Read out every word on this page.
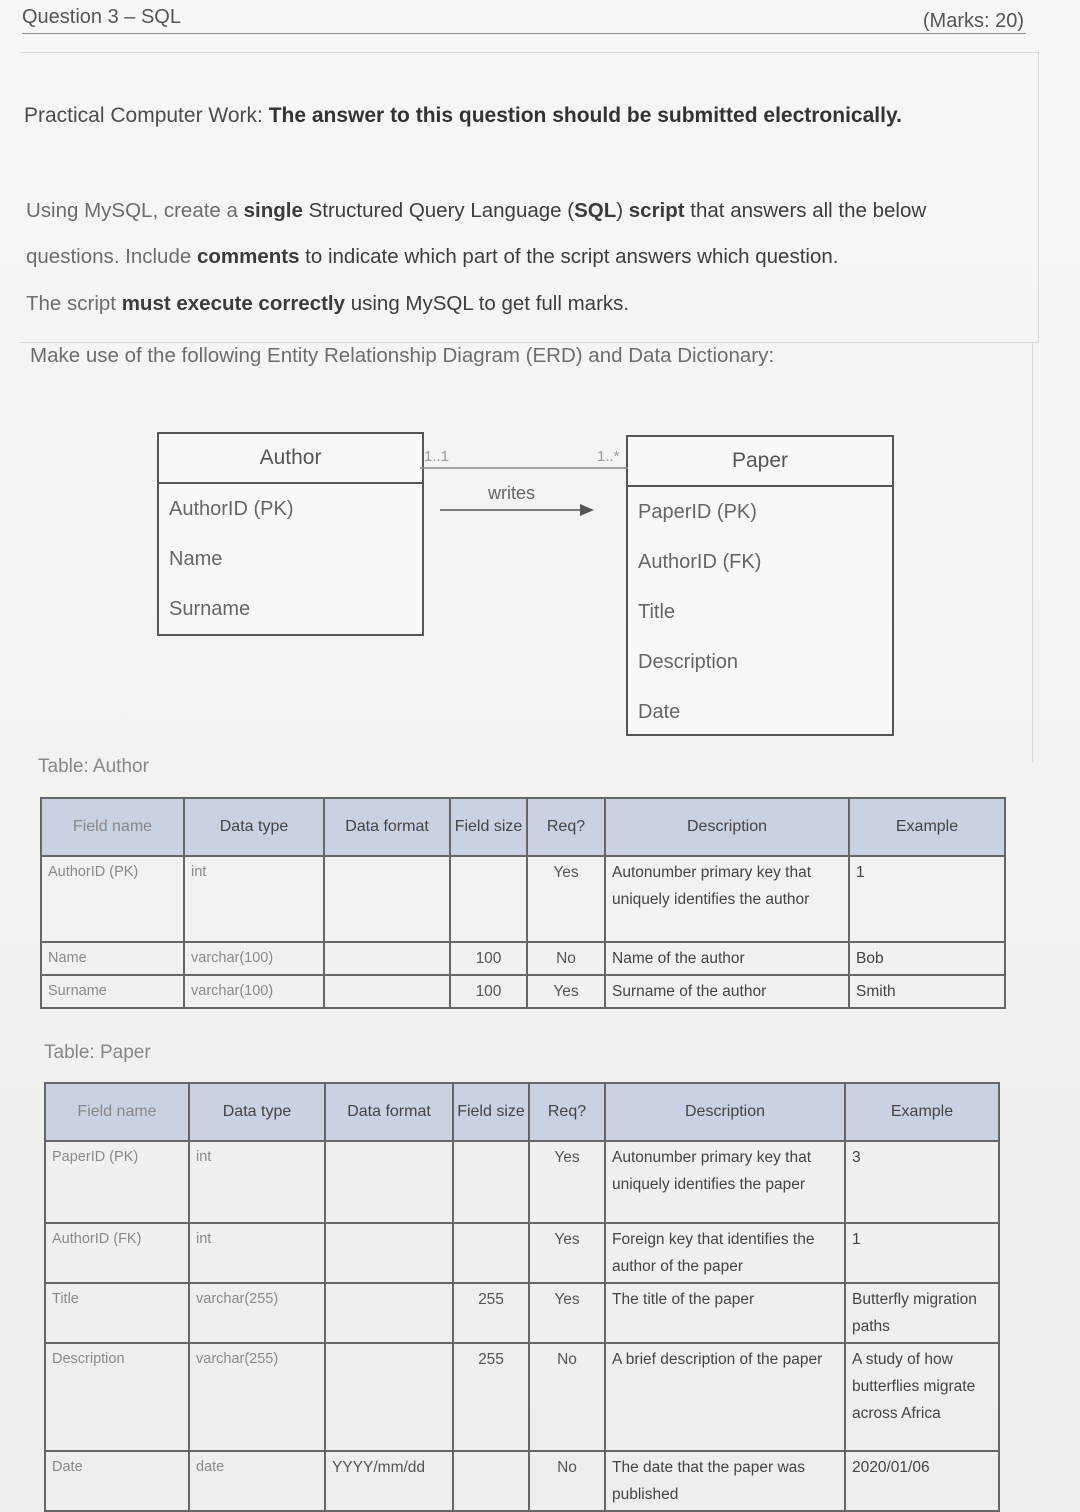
Question 3 – SQL	(Marks: 20)
Practical Computer Work: The answer to this question should be submitted electronically.
Using MySQL, create a single Structured Query Language (SQL) script that answers all the below
questions. Include comments to indicate which part of the script answers which question.
The script must execute correctly using MySQL to get full marks.
Make use of the following Entity Relationship Diagram (ERD) and Data Dictionary:
Author
AuthorID (PK)
Name
Surname
Paper
PaperID (PK)
AuthorID (FK)
Title
Description
Date
1..1	1..*
writes
Table: Author
Field name	Data type	Data format	Field size	Req?	Description	Example
AuthorID (PK)	int			Yes	Autonumber primary key that uniquely identifies the author	1
Name	varchar(100)		100	No	Name of the author	Bob
Surname	varchar(100)		100	Yes	Surname of the author	Smith
Table: Paper
Field name	Data type	Data format	Field size	Req?	Description	Example
PaperID (PK)	int			Yes	Autonumber primary key that uniquely identifies the paper	3
AuthorID (FK)	int			Yes	Foreign key that identifies the author of the paper	1
Title	varchar(255)		255	Yes	The title of the paper	Butterfly migration paths
Description	varchar(255)		255	No	A brief description of the paper	A study of how butterflies migrate across Africa
Date	date	YYYY/mm/dd		No	The date that the paper was published	2020/01/06
